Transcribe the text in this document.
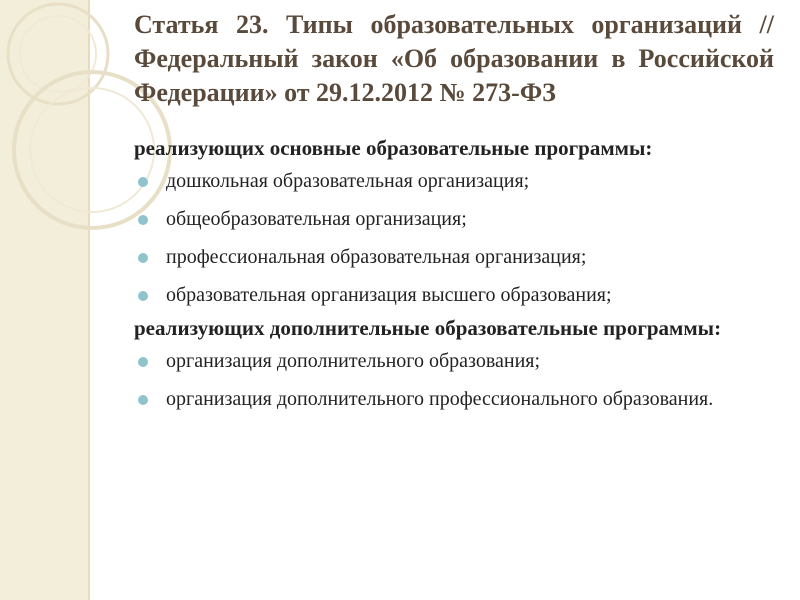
Статья 23. Типы образовательных организаций // Федеральный закон «Об образовании в Российской Федерации» от 29.12.2012 № 273-ФЗ

реализующих основные образовательные программы:

дошкольная образовательная организация;
общеобразовательная организация;
профессиональная образовательная организация;
образовательная организация высшего образования;

реализующих дополнительные образовательные программы:

организация дополнительного образования;
организация дополнительного профессионального образования.
